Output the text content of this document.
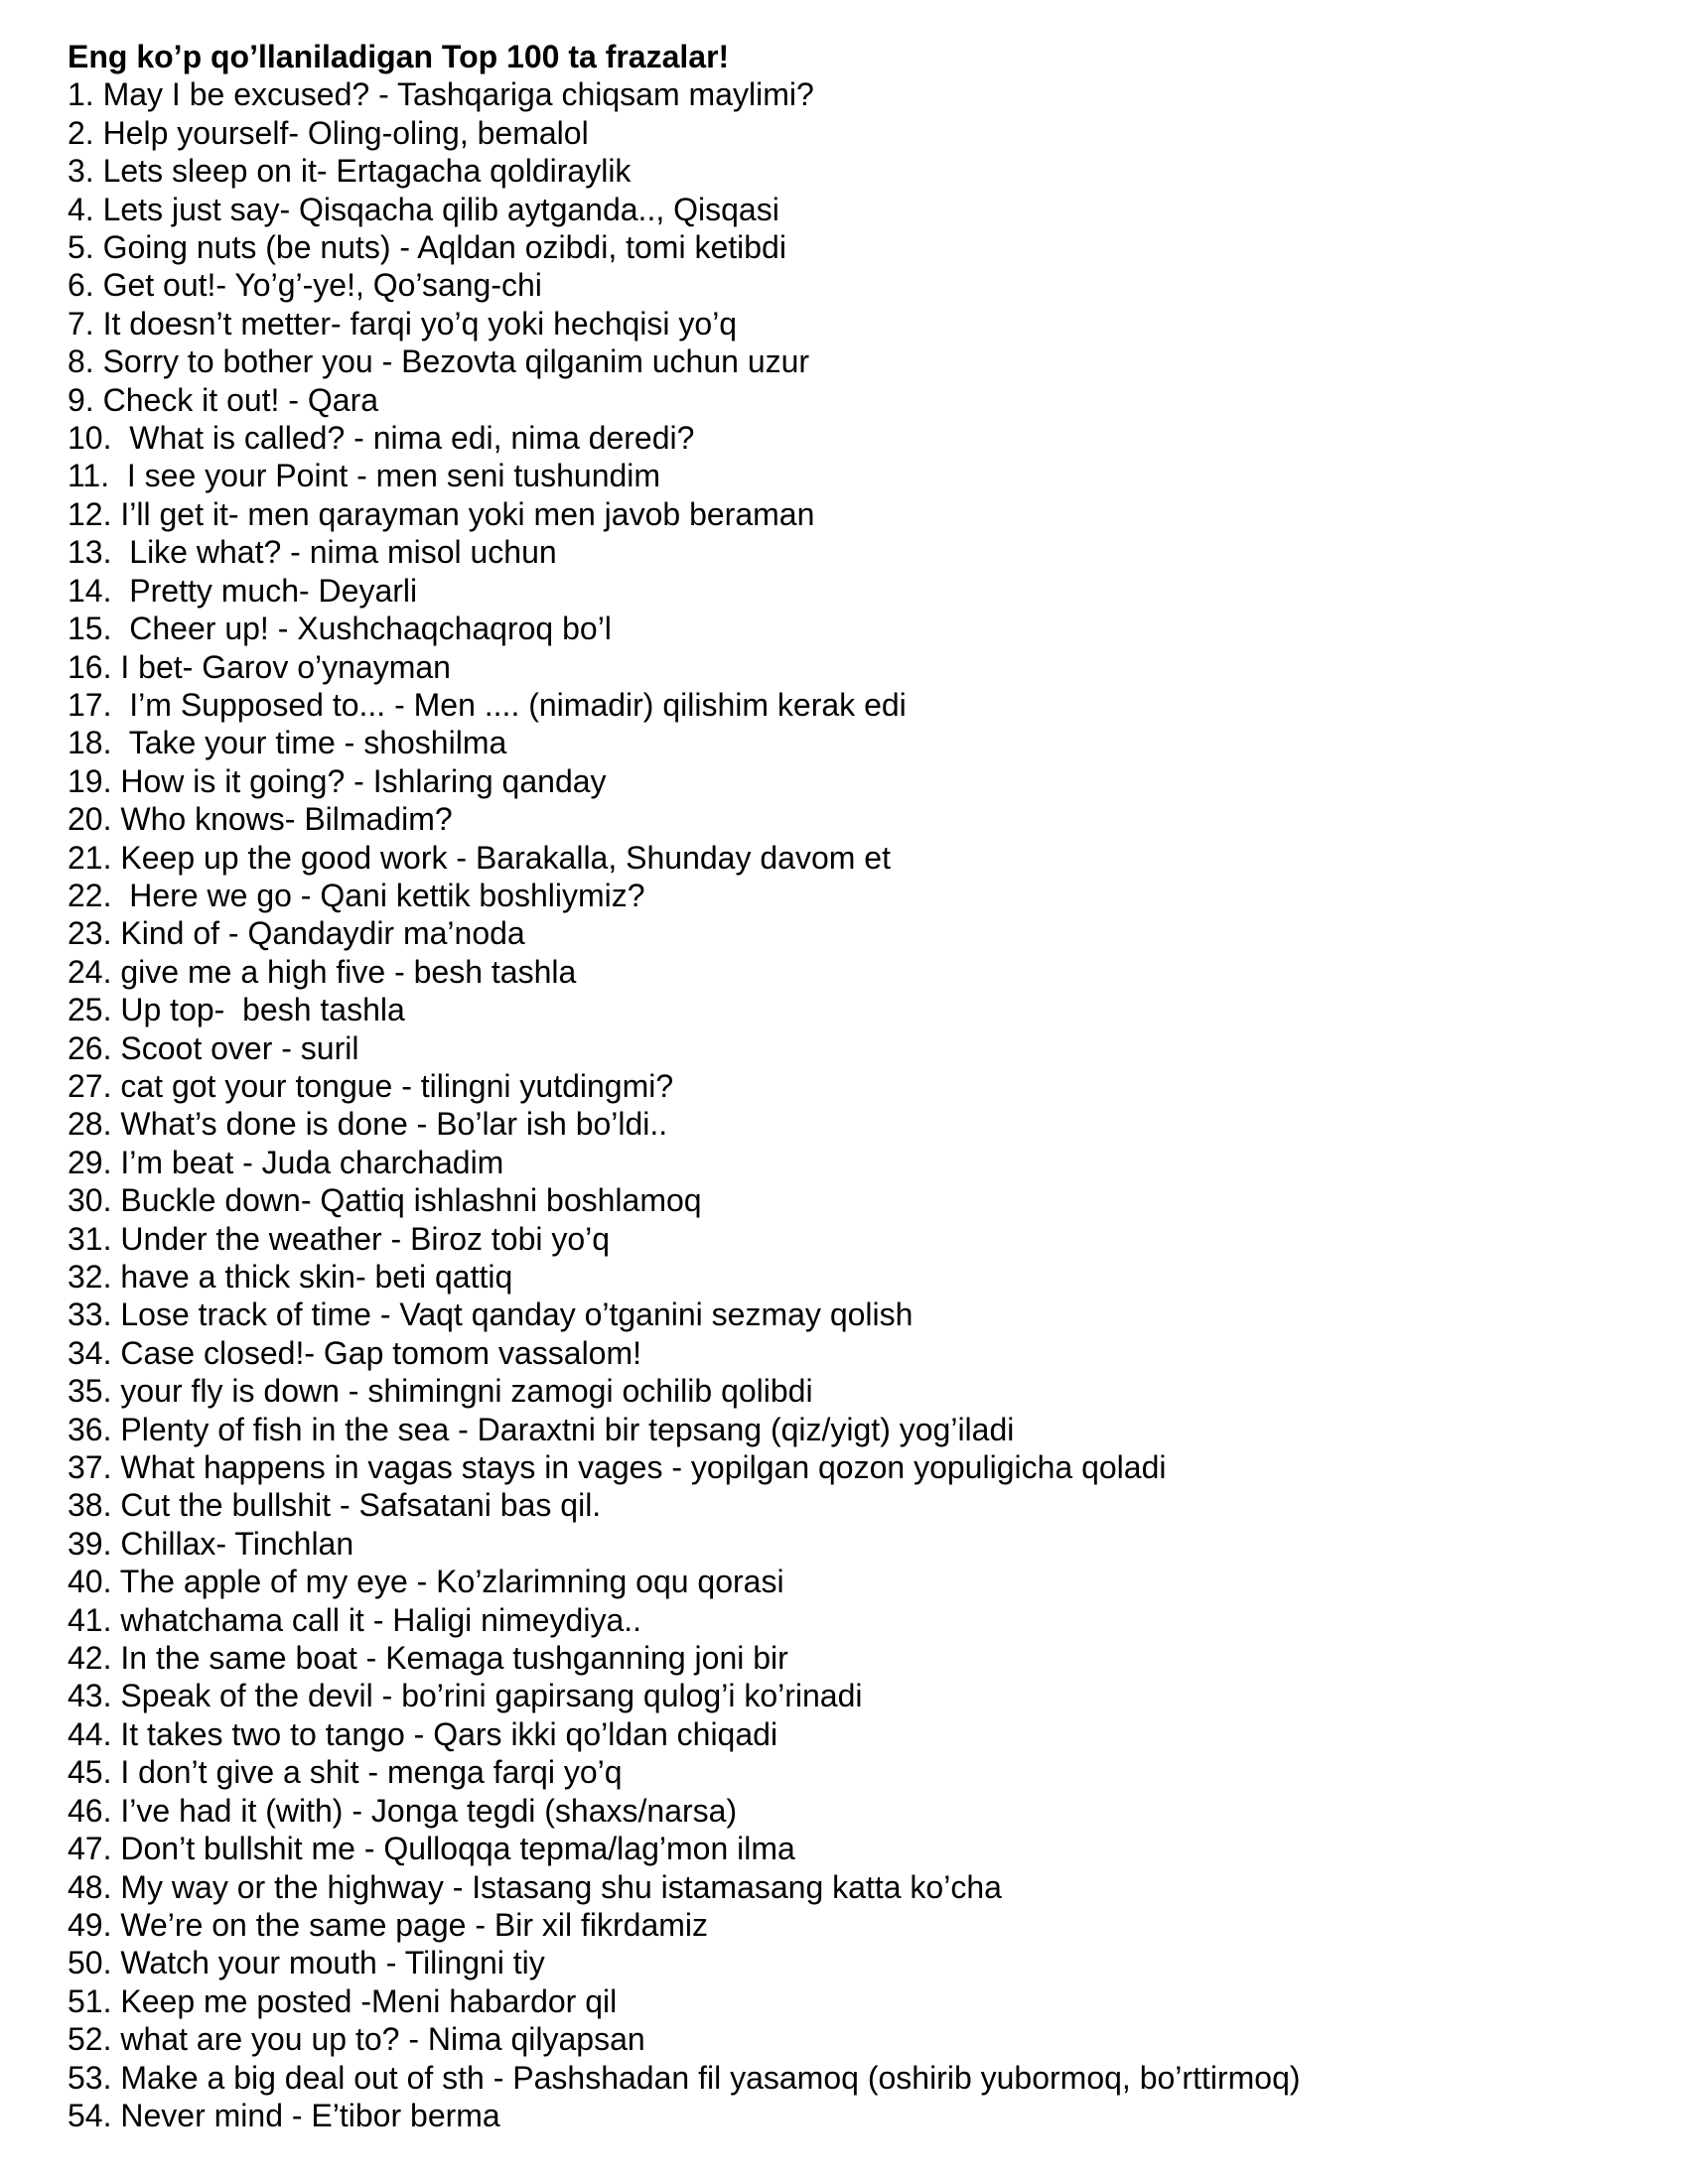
Eng ko’p qo’llaniladigan Top 100 ta frazalar!
1. May I be excused? - Tashqariga chiqsam maylimi?
2. Help yourself- Oling-oling, bemalol
3. Lets sleep on it- Ertagacha qoldiraylik
4. Lets just say- Qisqacha qilib aytganda.., Qisqasi
5. Going nuts (be nuts) - Aqldan ozibdi, tomi ketibdi
6. Get out!- Yo’g’-ye!, Qo’sang-chi
7. It doesn’t metter- farqi yo’q yoki hechqisi yo’q
8. Sorry to bother you - Bezovta qilganim uchun uzur
9. Check it out! - Qara
10.  What is called? - nima edi, nima deredi?
11.  I see your Point - men seni tushundim
12. I’ll get it- men qarayman yoki men javob beraman
13.  Like what? - nima misol uchun
14.  Pretty much- Deyarli
15.  Cheer up! - Xushchaqchaqroq bo’l
16. I bet- Garov o’ynayman
17.  I’m Supposed to... - Men .... (nimadir) qilishim kerak edi
18.  Take your time - shoshilma
19. How is it going? - Ishlaring qanday
20. Who knows- Bilmadim?
21. Keep up the good work - Barakalla, Shunday davom et
22.  Here we go - Qani kettik boshliymiz?
23. Kind of - Qandaydir ma’noda
24. give me a high five - besh tashla
25. Up top-  besh tashla
26. Scoot over - suril
27. cat got your tongue - tilingni yutdingmi?
28. What’s done is done - Bo’lar ish bo’ldi..
29. I’m beat - Juda charchadim
30. Buckle down- Qattiq ishlashni boshlamoq
31. Under the weather - Biroz tobi yo’q
32. have a thick skin- beti qattiq
33. Lose track of time - Vaqt qanday o’tganini sezmay qolish
34. Case closed!- Gap tomom vassalom!
35. your fly is down - shimingni zamogi ochilib qolibdi
36. Plenty of fish in the sea - Daraxtni bir tepsang (qiz/yigt) yog’iladi
37. What happens in vagas stays in vages - yopilgan qozon yopuligicha qoladi
38. Cut the bullshit - Safsatani bas qil.
39. Chillax- Tinchlan
40. The apple of my eye - Ko’zlarimning oqu qorasi
41. whatchama call it - Haligi nimeydiya..
42. In the same boat - Kemaga tushganning joni bir
43. Speak of the devil - bo’rini gapirsang qulog’i ko’rinadi
44. It takes two to tango - Qars ikki qo’ldan chiqadi
45. I don’t give a shit - menga farqi yo’q
46. I’ve had it (with) - Jonga tegdi (shaxs/narsa)
47. Don’t bullshit me - Qulloqqa tepma/lag’mon ilma
48. My way or the highway - Istasang shu istamasang katta ko’cha
49. We’re on the same page - Bir xil fikrdamiz
50. Watch your mouth - Tilingni tiy
51. Keep me posted -Meni habardor qil
52. what are you up to? - Nima qilyapsan
53. Make a big deal out of sth - Pashshadan fil yasamoq (oshirib yubormoq, bo’rttirmoq)
54. Never mind - E’tibor berma
